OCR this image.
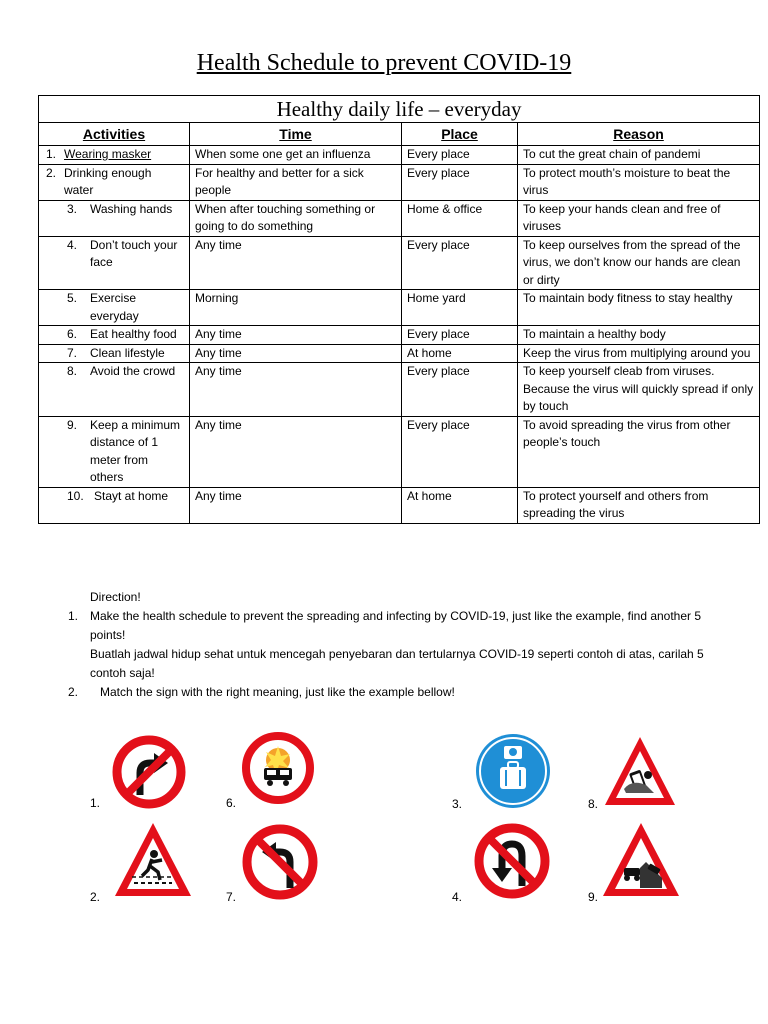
Health Schedule to prevent COVID-19
Healthy daily life – everyday			
Activities	Time	Place	Reason

1. Wearing masker	When some one get an influenza	Every place	To cut the great chain of pandemi

2. Drinking enough water	For healthy and better for a sick people	Every place	To protect mouth’s moisture to beat the virus

3. Washing hands	When after touching something or going to do something	Home & office	To keep your hands clean and free of viruses

4. Don’t touch your face	Any time	Every place	To keep ourselves from the spread of the virus, we don’t know our hands are clean or dirty

5. Exercise everyday	Morning	Home yard	To maintain body fitness to stay healthy

6. Eat healthy food	Any time	Every place	To maintain a healthy body

7. Clean lifestyle	Any time	At home	Keep the virus from multiplying around you

8. Avoid the crowd	Any time	Every place	To keep yourself cleab from viruses. Because the virus will quickly spread if only by touch

9. Keep a minimum distance of 1 meter from others	Any time	Every place	To avoid spreading the virus from other people’s touch

10. Stayt at home	Any time	At home	To protect yourself and others from spreading the virus
Direction!
1. Make the health schedule to prevent the spreading and infecting by COVID-19, just like the example, find another 5 points!
Buatlah jadwal hidup sehat untuk mencegah penyebaran dan tertularnya COVID-19 seperti contoh di atas, carilah 5 contoh saja!
2.	Match the sign with the right meaning, just like the example bellow!
1.	6.	3.	8.
2.	7.	4.	9.
